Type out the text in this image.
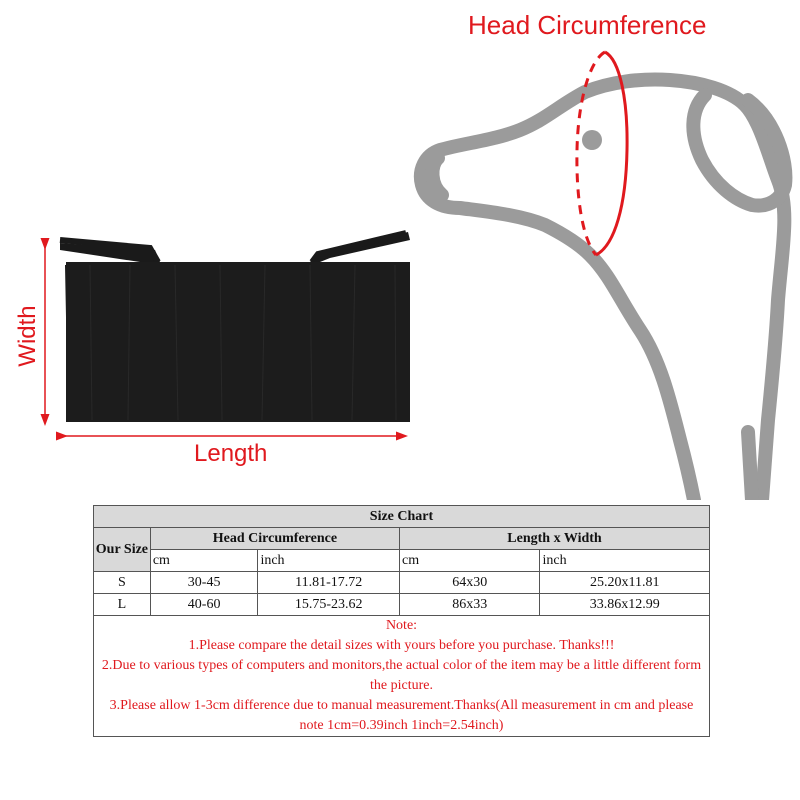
Head Circumference
Length
Width
Size Chart				
Our Size	Head Circumference		Length x Width	
	cm	inch	cm	inch
S	30-45	11.81-17.72	64x30	25.20x11.81
L	40-60	15.75-23.62	86x33	33.86x12.99

Note:
1.Please compare the detail sizes with yours before you purchase. Thanks!!!
2.Due to various types of computers and monitors,the actual color of the item may be a little different form the picture.
3.Please allow 1-3cm difference due to manual measurement.Thanks(All measurement in cm and please note 1cm=0.39inch 1inch=2.54inch)				
